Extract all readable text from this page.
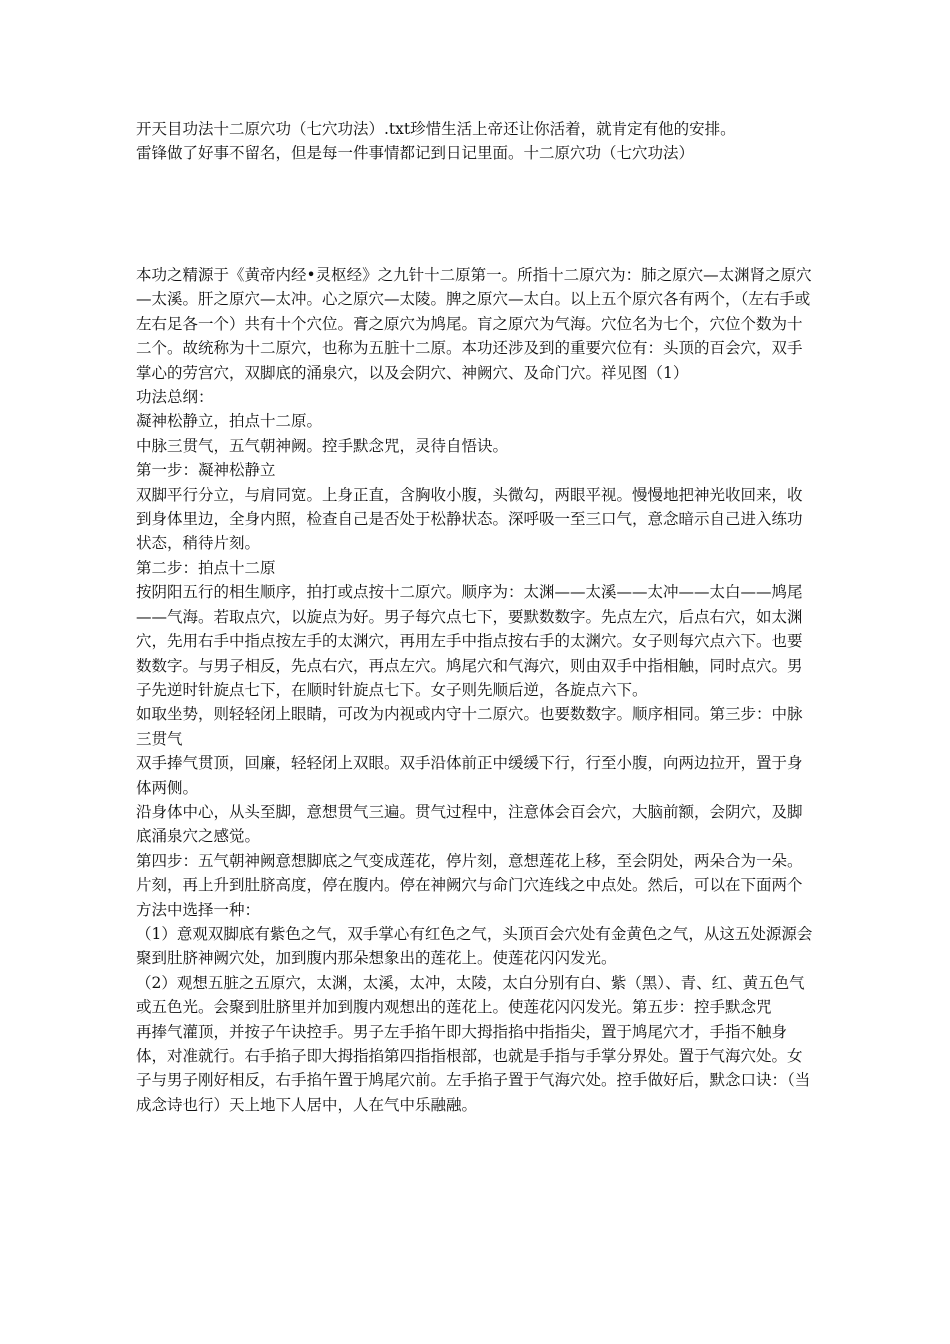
开天目功法十二原穴功（七穴功法）.txt珍惜生活上帝还让你活着，就肯定有他的安排。

雷锋做了好事不留名，但是每一件事情都记到日记里面。十二原穴功（七穴功法）

本功之精源于《黄帝内经•灵枢经》之九针十二原第一。所指十二原穴为：肺之原穴—太渊肾之原穴—太溪。肝之原穴—太冲。心之原穴—太陵。脾之原穴—太白。以上五个原穴各有两个，（左右手或左右足各一个）共有十个穴位。膏之原穴为鸠尾。肓之原穴为气海。穴位名为七个，穴位个数为十二个。故统称为十二原穴，也称为五脏十二原。本功还涉及到的重要穴位有：头顶的百会穴，双手掌心的劳宫穴，双脚底的涌泉穴，以及会阴穴、神阙穴、及命门穴。祥见图（1）

功法总纲：

凝神松静立，拍点十二原。

中脉三贯气，五气朝神阙。控手默念咒，灵待自悟诀。

第一步：凝神松静立

双脚平行分立，与肩同宽。上身正直，含胸收小腹，头微勾，两眼平视。慢慢地把神光收回来，收到身体里边，全身内照，检查自己是否处于松静状态。深呼吸一至三口气，意念暗示自己进入练功状态，稍待片刻。

第二步：拍点十二原

按阴阳五行的相生顺序，拍打或点按十二原穴。顺序为：太渊——太溪——太冲——太白——鸠尾——气海。若取点穴，以旋点为好。男子每穴点七下，要默数数字。先点左穴，后点右穴，如太渊穴，先用右手中指点按左手的太渊穴，再用左手中指点按右手的太渊穴。女子则每穴点六下。也要数数字。与男子相反，先点右穴，再点左穴。鸠尾穴和气海穴，则由双手中指相触，同时点穴。男子先逆时针旋点七下，在顺时针旋点七下。女子则先顺后逆，各旋点六下。

如取坐势，则轻轻闭上眼睛，可改为内视或内守十二原穴。也要数数字。顺序相同。第三步：中脉三贯气

双手捧气贯顶，回廉，轻轻闭上双眼。双手沿体前正中缓缓下行，行至小腹，向两边拉开，置于身体两侧。

沿身体中心，从头至脚，意想贯气三遍。贯气过程中，注意体会百会穴，大脑前额，会阴穴，及脚底涌泉穴之感觉。

第四步：五气朝神阙意想脚底之气变成莲花，停片刻，意想莲花上移，至会阴处，两朵合为一朵。片刻，再上升到肚脐高度，停在腹内。停在神阙穴与命门穴连线之中点处。然后，可以在下面两个方法中选择一种：

（1）意观双脚底有紫色之气，双手掌心有红色之气，头顶百会穴处有金黄色之气，从这五处源源会聚到肚脐神阙穴处，加到腹内那朵想象出的莲花上。使莲花闪闪发光。

（2）观想五脏之五原穴，太渊，太溪，太冲，太陵，太白分别有白、紫（黑）、青、红、黄五色气或五色光。会聚到肚脐里并加到腹内观想出的莲花上。使莲花闪闪发光。第五步：控手默念咒

再捧气灌顶，并按子午诀控手。男子左手掐午即大拇指掐中指指尖，置于鸠尾穴才，手指不触身体，对准就行。右手掐子即大拇指掐第四指指根部，也就是手指与手掌分界处。置于气海穴处。女子与男子刚好相反，右手掐午置于鸠尾穴前。左手掐子置于气海穴处。控手做好后，默念口诀：（当成念诗也行）天上地下人居中，人在气中乐融融。
